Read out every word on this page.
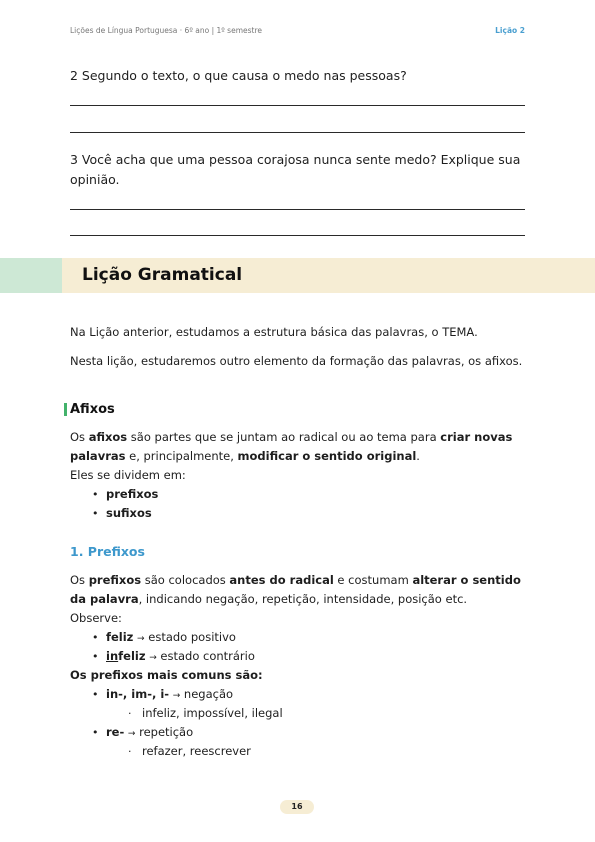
Lições de Língua Portuguesa · 6º ano | 1º semestre	Lição 2
2 Segundo o texto, o que causa o medo nas pessoas?
3 Você acha que uma pessoa corajosa nunca sente medo? Explique sua opinião.
Lição Gramatical
Na Lição anterior, estudamos a estrutura básica das palavras, o TEMA.
Nesta lição, estudaremos outro elemento da formação das palavras, os afixos.
Afixos
Os afixos são partes que se juntam ao radical ou ao tema para criar novas palavras e, principalmente, modificar o sentido original.
Eles se dividem em:
• prefixos
• sufixos
1. Prefixos
Os prefixos são colocados antes do radical e costumam alterar o sentido da palavra, indicando negação, repetição, intensidade, posição etc.
Observe:
• feliz → estado positivo
• infeliz → estado contrário
Os prefixos mais comuns são:
• in-, im-, i- → negação
· infeliz, impossível, ilegal
• re- → repetição
· refazer, reescrever
16
